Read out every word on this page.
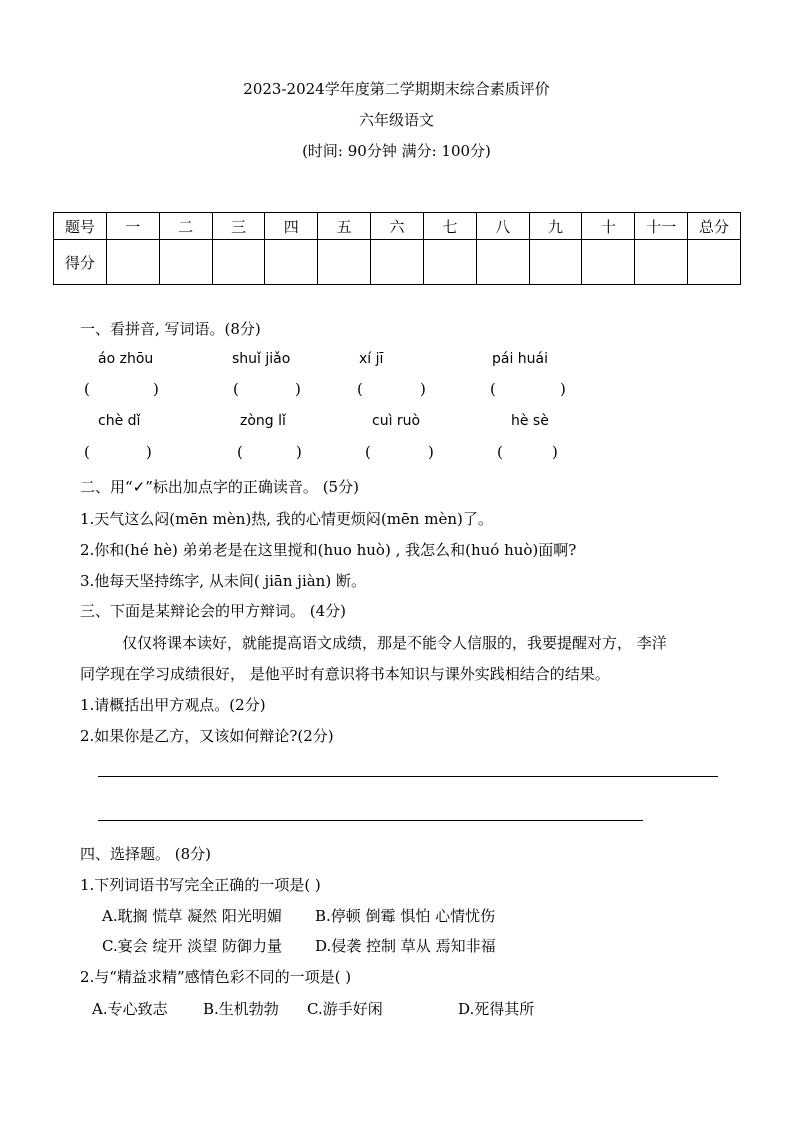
2023-2024学年度第二学期期末综合素质评价
六年级语文
(时间: 90分钟 满分: 100分)
题号	一	二	三	四	五	六	七	八	九	十	十一	总分
得分												
一、看拼音, 写词语。(8分)
áo zhōu	shuǐ jiǎo	xí jī	pái huái
(	)	(	)	(	)	(	)
chè dǐ	zòng lǐ	cuì ruò	hè sè
(	)	(	)	(	)	(	)
二、用“✓”标出加点字的正确读音。 (5分)
1.天气这么闷(mēn mèn)热, 我的心情更烦闷(mēn mèn)了。
2.你和(hé hè) 弟弟老是在这里搅和(huo huò) , 我怎么和(huó huò)面啊?
3.他每天坚持练字, 从未间( jiān jiàn) 断。
三、下面是某辩论会的甲方辩词。 (4分)
仅仅将课本读好，就能提高语文成绩，那是不能令人信服的，我要提醒对方， 李洋
同学现在学习成绩很好， 是他平时有意识将书本知识与课外实践相结合的结果。
1.请概括出甲方观点。(2分)
2.如果你是乙方，又该如何辩论?(2分)
四、选择题。 (8分)
1.下列词语书写完全正确的一项是( )
A.耽搁 慌草 凝然 阳光明媚 B.停顿 倒霉 惧怕 心情忧伤
C.宴会 绽开 淡望 防御力量 D.侵袭 控制 草从 焉知非福
2.与“精益求精”感情色彩不同的一项是( )
A.专心致志 B.生机勃勃 C.游手好闲	D.死得其所
